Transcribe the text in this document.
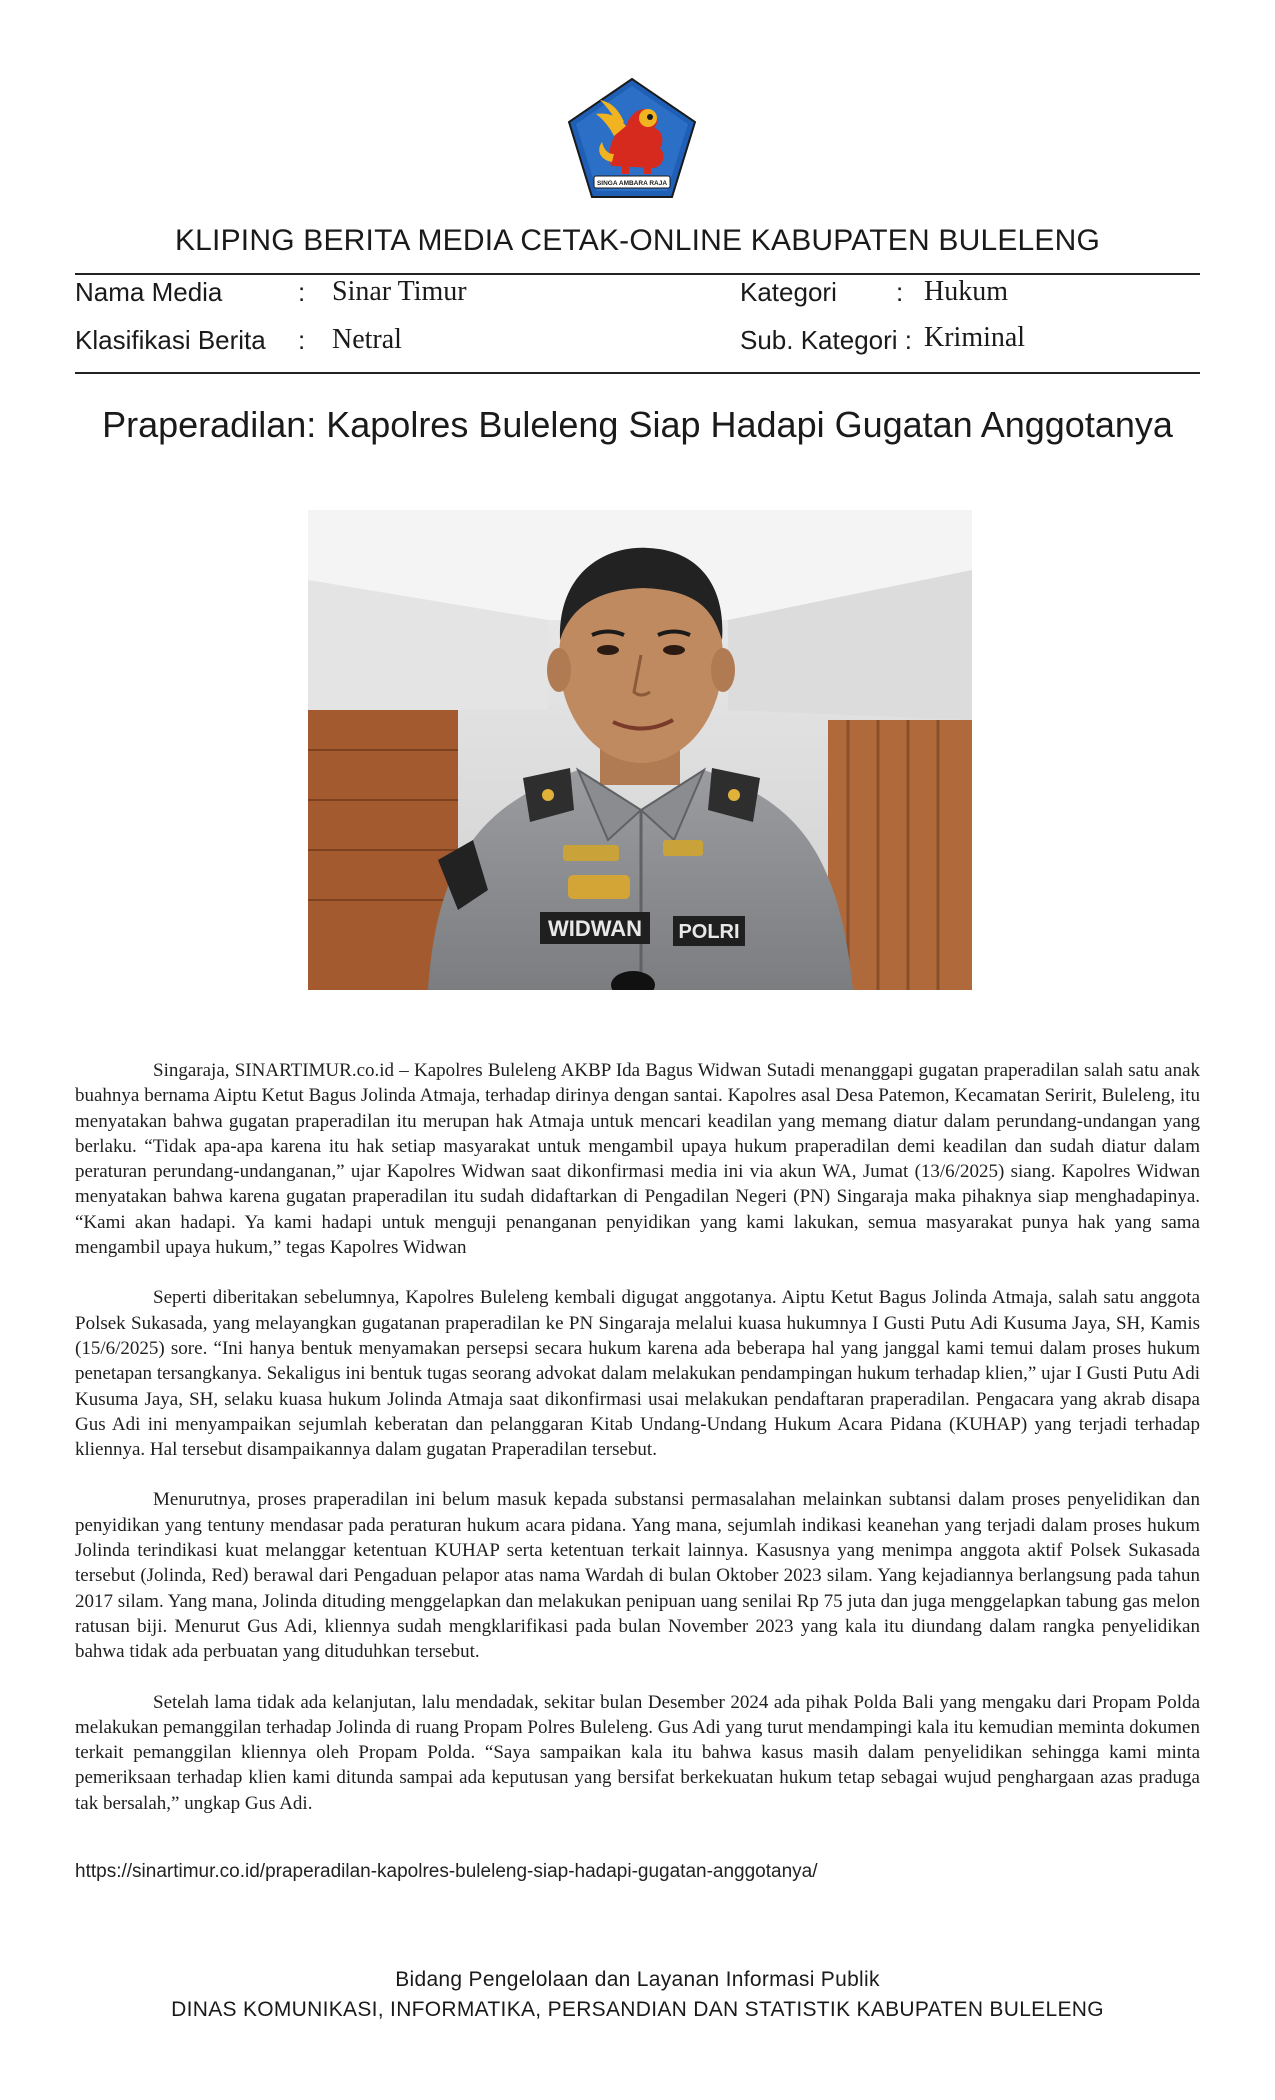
SINGA AMBARA RAJA
KLIPING BERITA MEDIA CETAK-ONLINE KABUPATEN BULELENG
Nama Media	: Sinar Timur	Kategori : Hukum
Klasifikasi Berita : Netral	Sub. Kategori : Kriminal
Praperadilan: Kapolres Buleleng Siap Hadapi Gugatan Anggotanya
WIDWAN POLRI

Singaraja, SINARTIMUR.co.id – Kapolres Buleleng AKBP Ida Bagus Widwan Sutadi menanggapi gugatan praperadilan salah satu anak buahnya bernama Aiptu Ketut Bagus Jolinda Atmaja, terhadap dirinya dengan santai. Kapolres asal Desa Patemon, Kecamatan Seririt, Buleleng, itu menyatakan bahwa gugatan praperadilan itu merupan hak Atmaja untuk mencari keadilan yang memang diatur dalam perundang-undangan yang berlaku. “Tidak apa-apa karena itu hak setiap masyarakat untuk mengambil upaya hukum praperadilan demi keadilan dan sudah diatur dalam peraturan perundang-undanganan,” ujar Kapolres Widwan saat dikonfirmasi media ini via akun WA, Jumat (13/6/2025) siang. Kapolres Widwan menyatakan bahwa karena gugatan praperadilan itu sudah didaftarkan di Pengadilan Negeri (PN) Singaraja maka pihaknya siap menghadapinya. “Kami akan hadapi. Ya kami hadapi untuk menguji penanganan penyidikan yang kami lakukan, semua masyarakat punya hak yang sama mengambil upaya hukum,” tegas Kapolres Widwan

Seperti diberitakan sebelumnya, Kapolres Buleleng kembali digugat anggotanya. Aiptu Ketut Bagus Jolinda Atmaja, salah satu anggota Polsek Sukasada, yang melayangkan gugatanan praperadilan ke PN Singaraja melalui kuasa hukumnya I Gusti Putu Adi Kusuma Jaya, SH, Kamis (15/6/2025) sore. “Ini hanya bentuk menyamakan persepsi secara hukum karena ada beberapa hal yang janggal kami temui dalam proses hukum penetapan tersangkanya. Sekaligus ini bentuk tugas seorang advokat dalam melakukan pendampingan hukum terhadap klien,” ujar I Gusti Putu Adi Kusuma Jaya, SH, selaku kuasa hukum Jolinda Atmaja saat dikonfirmasi usai melakukan pendaftaran praperadilan. Pengacara yang akrab disapa Gus Adi ini menyampaikan sejumlah keberatan dan pelanggaran Kitab Undang-Undang Hukum Acara Pidana (KUHAP) yang terjadi terhadap kliennya. Hal tersebut disampaikannya dalam gugatan Praperadilan tersebut.

Menurutnya, proses praperadilan ini belum masuk kepada substansi permasalahan melainkan subtansi dalam proses penyelidikan dan penyidikan yang tentuny mendasar pada peraturan hukum acara pidana. Yang mana, sejumlah indikasi keanehan yang terjadi dalam proses hukum Jolinda terindikasi kuat melanggar ketentuan KUHAP serta ketentuan terkait lainnya. Kasusnya yang menimpa anggota aktif Polsek Sukasada tersebut (Jolinda, Red) berawal dari Pengaduan pelapor atas nama Wardah di bulan Oktober 2023 silam. Yang kejadiannya berlangsung pada tahun 2017 silam. Yang mana, Jolinda dituding menggelapkan dan melakukan penipuan uang senilai Rp 75 juta dan juga menggelapkan tabung gas melon ratusan biji. Menurut Gus Adi, kliennya sudah mengklarifikasi pada bulan November 2023 yang kala itu diundang dalam rangka penyelidikan bahwa tidak ada perbuatan yang dituduhkan tersebut.

Setelah lama tidak ada kelanjutan, lalu mendadak, sekitar bulan Desember 2024 ada pihak Polda Bali yang mengaku dari Propam Polda melakukan pemanggilan terhadap Jolinda di ruang Propam Polres Buleleng. Gus Adi yang turut mendampingi kala itu kemudian meminta dokumen terkait pemanggilan kliennya oleh Propam Polda. “Saya sampaikan kala itu bahwa kasus masih dalam penyelidikan sehingga kami minta pemeriksaan terhadap klien kami ditunda sampai ada keputusan yang bersifat berkekuatan hukum tetap sebagai wujud penghargaan azas praduga tak bersalah,” ungkap Gus Adi.

https://sinartimur.co.id/praperadilan-kapolres-buleleng-siap-hadapi-gugatan-anggotanya/
Bidang Pengelolaan dan Layanan Informasi Publik
DINAS KOMUNIKASI, INFORMATIKA, PERSANDIAN DAN STATISTIK KABUPATEN BULELENG
